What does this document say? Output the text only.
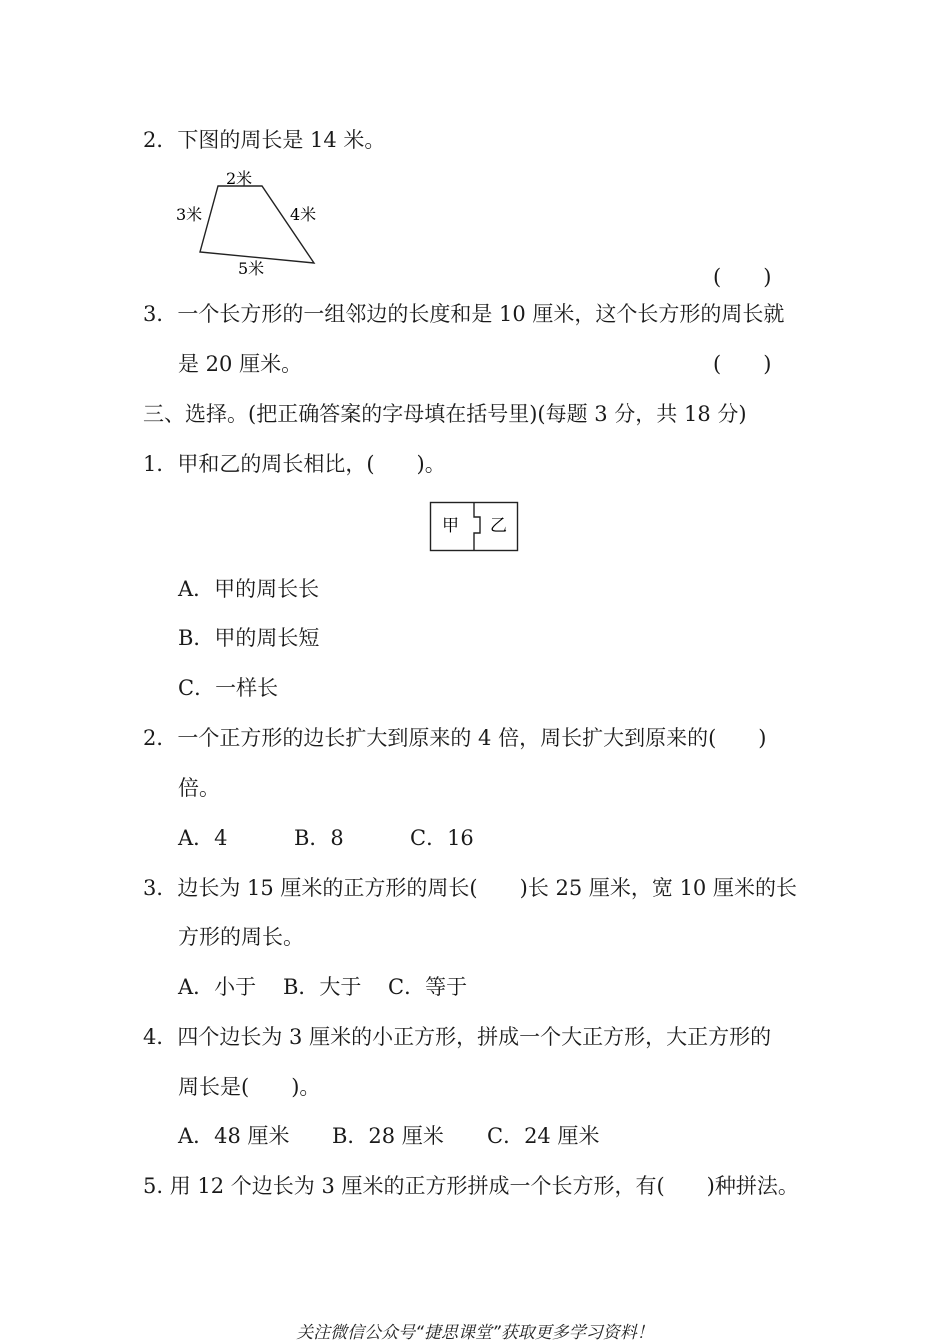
2．下图的周长是 14 米。
2米
3米	4米
5米	(　　)
3．一个长方形的一组邻边的长度和是 10 厘米，这个长方形的周长就
是 20 厘米。	(　　)
三、选择。(把正确答案的字母填在括号里)(每题 3 分，共 18 分)
1．甲和乙的周长相比，(　　)。
甲 乙
A．甲的周长长
B．甲的周长短
C．一样长
2．一个正方形的边长扩大到原来的 4 倍，周长扩大到原来的(　　)
倍。
A．4	B．8	C．16
3．边长为 15 厘米的正方形的周长(　　)长 25 厘米，宽 10 厘米的长
方形的周长。
A．小于 B．大于 C．等于
4．四个边长为 3 厘米的小正方形，拼成一个大正方形，大正方形的
周长是(　　)。
A．48 厘米 B．28 厘米 C．24 厘米
5. 用 12 个边长为 3 厘米的正方形拼成一个长方形，有(　　)种拼法。
关注微信公众号“捷思课堂”获取更多学习资料！
